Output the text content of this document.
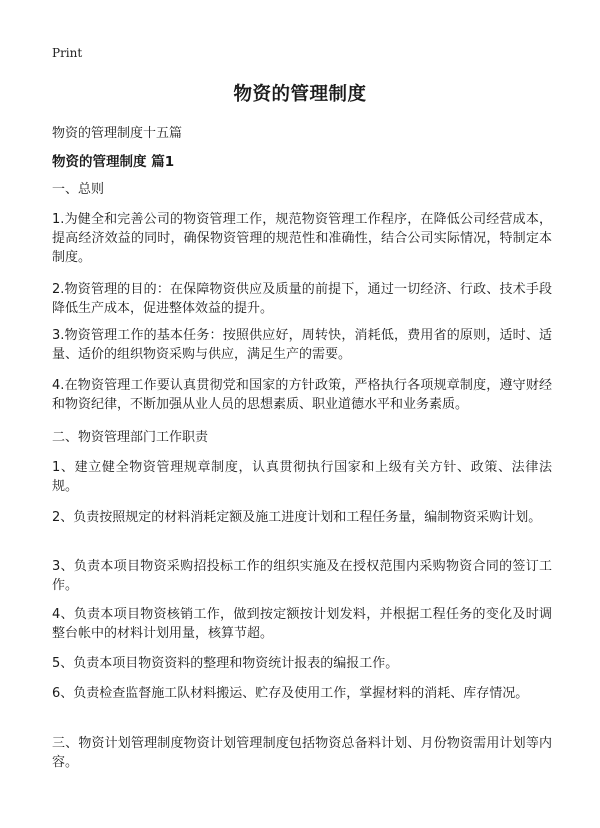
Print
物资的管理制度
物资的管理制度十五篇
物资的管理制度 篇1
一、总则
1.为健全和完善公司的物资管理工作，规范物资管理工作程序，在降低公司经营成本，提高经济效益的同时，确保物资管理的规范性和准确性，结合公司实际情况，特制定本制度。
2.物资管理的目的：在保障物资供应及质量的前提下，通过一切经济、行政、技术手段降低生产成本，促进整体效益的提升。
3.物资管理工作的基本任务：按照供应好，周转快，消耗低，费用省的原则，适时、适量、适价的组织物资采购与供应，满足生产的需要。
4.在物资管理工作要认真贯彻党和国家的方针政策，严格执行各项规章制度，遵守财经和物资纪律，不断加强从业人员的思想素质、职业道德水平和业务素质。
二、物资管理部门工作职责
1、建立健全物资管理规章制度，认真贯彻执行国家和上级有关方针、政策、法律法规。
2、负责按照规定的材料消耗定额及施工进度计划和工程任务量，编制物资采购计划。
3、负责本项目物资采购招投标工作的组织实施及在授权范围内采购物资合同的签订工作。
4、负责本项目物资核销工作，做到按定额按计划发料，并根据工程任务的变化及时调整台帐中的材料计划用量，核算节超。
5、负责本项目物资资料的整理和物资统计报表的编报工作。
6、负责检查监督施工队材料搬运、贮存及使用工作，掌握材料的消耗、库存情况。
三、物资计划管理制度物资计划管理制度包括物资总备料计划、月份物资需用计划等内容。
